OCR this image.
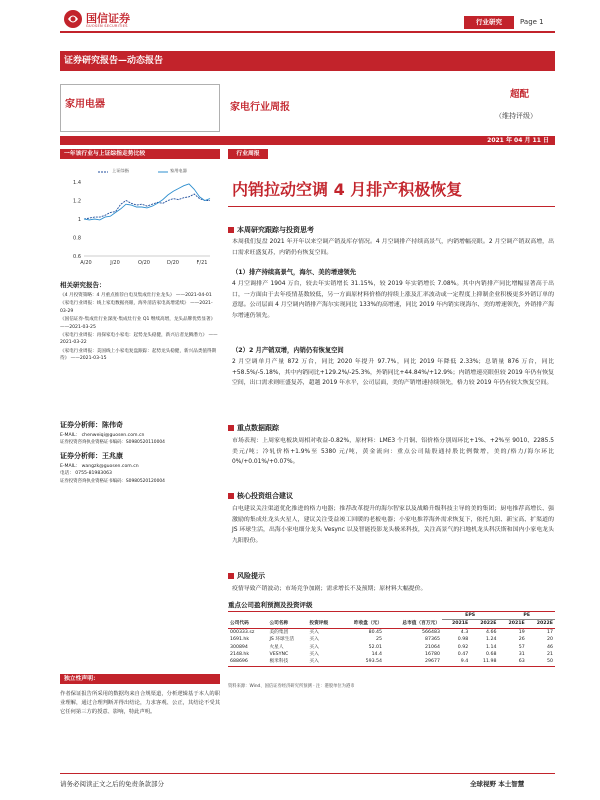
国信证券
GUOSEN SECURITIES	行业研究	Page 1
证券研究报告—动态报告
家用电器	家电行业周报
超配
（维持评级）
2021 年 04 月 11 日
一年该行业与上证综指走势比较
上证综指	家用电器
1.4
1.2
1
0.8
0.6
A/20	J/20	O/20	D/20	F/21
行业周报
内销拉动空调 4 月排产积极恢复
本周研究跟踪与投资思考
本周我们复盘 2021 年开年以来空调产销及库存情况。4 月空调排产持续高景气，内销增幅亮眼。2 月空调产销双高增，出口需求旺盛复苏，内销仍有恢复空间。
（1）排产持续高景气，海尔、美的增速领先
4 月空调排产 1904 万台，较去年实销增长 31.15%，较 2019 年实销增长 7.08%。其中内销排产同比增幅显著高于出口，一方面由于去年疫情基数较低，另一方面原材料价格的持续上涨及汇率波动或一定程度上抑制企业积极更多外销订单的意愿。公司层面 4 月空调内销排产海尔实现同比 133%的高增速，同比 2019 年内销实现海尔、美的增速领先，外销排产海尔增速仍领先。
（2）2 月产销双增，内销仍有恢复空间
2 月空调单月产量 872 万台，同比 2020 年提升 97.7%，同比 2019 年降低 2.33%；总销量 876 万台，同比+58.5%/-5.18%，其中内销同比+129.2%/-25.3%，外销同比+44.84%/+12.9%；内销增速亮眼但较 2019 年仍有恢复空间，出口需求则旺盛复苏，超越 2019 年水平，公司层面，美的产销增速持续领先，格力较 2019 年仍有较大恢复空间。
重点数据跟踪
市场表现：上周家电板块周相对收益-0.82%，原材料：LME3 个月铜、铝价格分别周环比+1%、+2%至 9010、2285.5 美元/吨；冷轧价格+1.9%至 5380 元/吨，黄金流向：重点公司陆股通持股比例微增，美的/格力/海尔环比 0%/+0.01%/+0.07%。
核心投资组合建议
白电建议关注渠道优化推进的格力电器；推荐改革提升的海尔智家以及战略升级科技主导的美的集团；厨电推荐高增长、强激励的集成灶龙头火星人，建议关注受益竣工回暖的老板电器；小家电推荐海外需求恢复下，依托九阳、新宝高、扩渠道的 JS 环球生活，出海小家电细分龙头 Vesync 以及智能投影龙头极米科技，关注高景气的扫地机龙头科沃斯和国内小家电龙头九阳股份。
风险提示
疫情导致产销波动；市场竞争加剧；需求增长不及预期；原材料大幅提价。
重点公司盈利预测及投资评级
					EPS		PE	
公司代码	公司名称	投资评级	昨收盘（元）	总市值（百万元）	2021E	2022E	2021E	2022E
000333.sz	美的集团	买入	80.45	566483	4.3	4.66	19	17
1691.hk	JS 环球生活	买入	25	87365	0.98	1.24	26	20
300894	火星人	买入	52.01	21064	0.92	1.14	57	46
2148.hk	VESYNC	买入	14.4	16780	0.47	0.68	31	21
688696	极米科技	买入	593.54	29677	9.4	11.98	63	50
资料来源：Wind、国信证券经济研究所预测 · 注：港股单位为港币
相关研究报告：
《4 月投资策略：4 月重点推荐白电及集成灶行业龙头》 ——2021-04-01
《家电行业周报：线上家电数据亮眼，海外清洁家电高增延续》 ——2021-03-29
《国信证券-集成灶行业深度-集成灶行业 Q1 继续高增，龙头品牌优势显著》 ——2021-03-25
《家电行业周报：再探家电小家电：起势龙头稳健，新兴后者龙腾潜力》 ——2021-03-22
《家电行业周报：美国线上小家电复盘跟踪：起势龙头稳健，新兴品类值得期待》 ——2021-03-15
证券分析师：陈伟奇
E-MAIL： chenweiqi@guosen.com.cn
证券投资咨询执业资格证书编码：S0980520110004
证券分析师：王兆康
E-MAIL： wangzk@guosen.com.cn
电话： 0755-81983063
证券投资咨询执业资格证书编码：S0980520120004
独立性声明：
作者保证报告所采用的数据均来自合规渠道，分析逻辑基于本人的职业理解，通过合理判断并得出结论，力求客观、公正，其结论不受其它任何第三方的授意、影响，特此声明。
请务必阅读正文之后的免责条款部分	全球视野 本土智慧
